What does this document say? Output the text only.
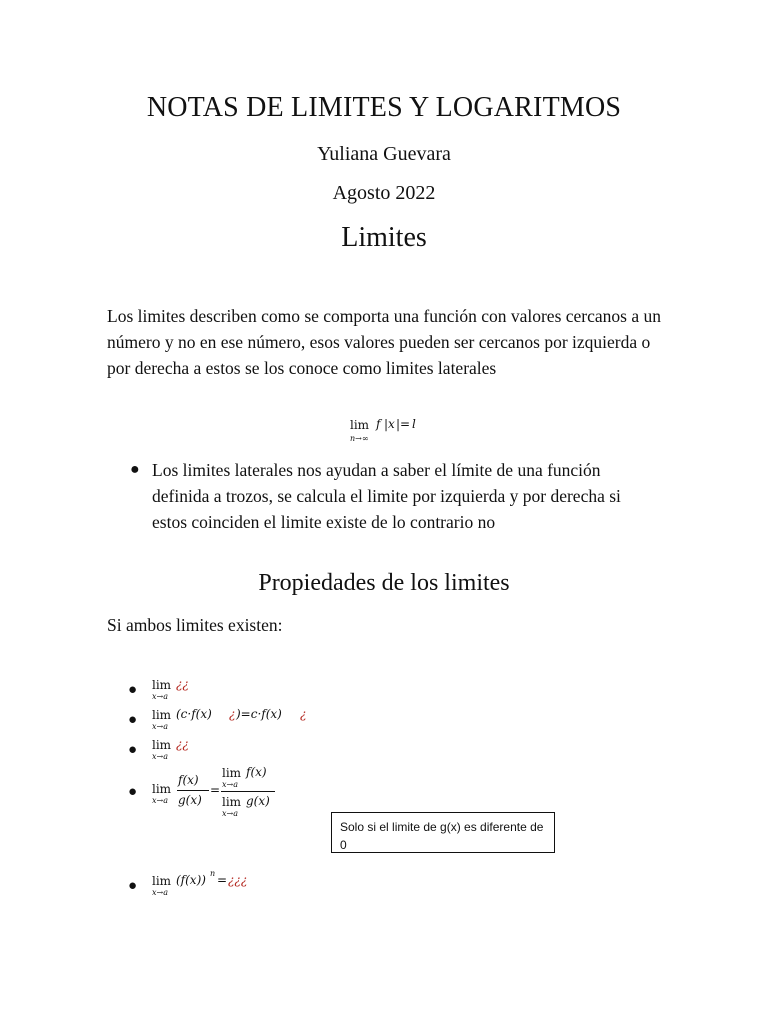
NOTAS DE LIMITES Y LOGARITMOS
Yuliana Guevara
Agosto 2022
Limites
Los limites describen como se comporta una función con valores cercanos a un número y no en ese número, esos valores pueden ser cercanos por izquierda o por derecha a estos se los conoce como limites laterales
lim
n→∞
f | x |= l
● Los limites laterales nos ayudan a saber el límite de una función definida a trozos, se calcula el limite por izquierda y por derecha si estos coinciden el limite existe de lo contrario no
Propiedades de los limites
Si ambos limites existen:
● lim
x→a
¿¿
● lim
x→a
(c·f(x) ¿ )=c·f(x) ¿
● lim
x→a
¿¿
● lim
x→a
f(x)
g(x)
=
lim
x→a
f(x)
lim
x→a
g(x)
Solo si el limite de g(x) es diferente de 0
● lim
x→a
(f(x)) n = ¿¿¿
